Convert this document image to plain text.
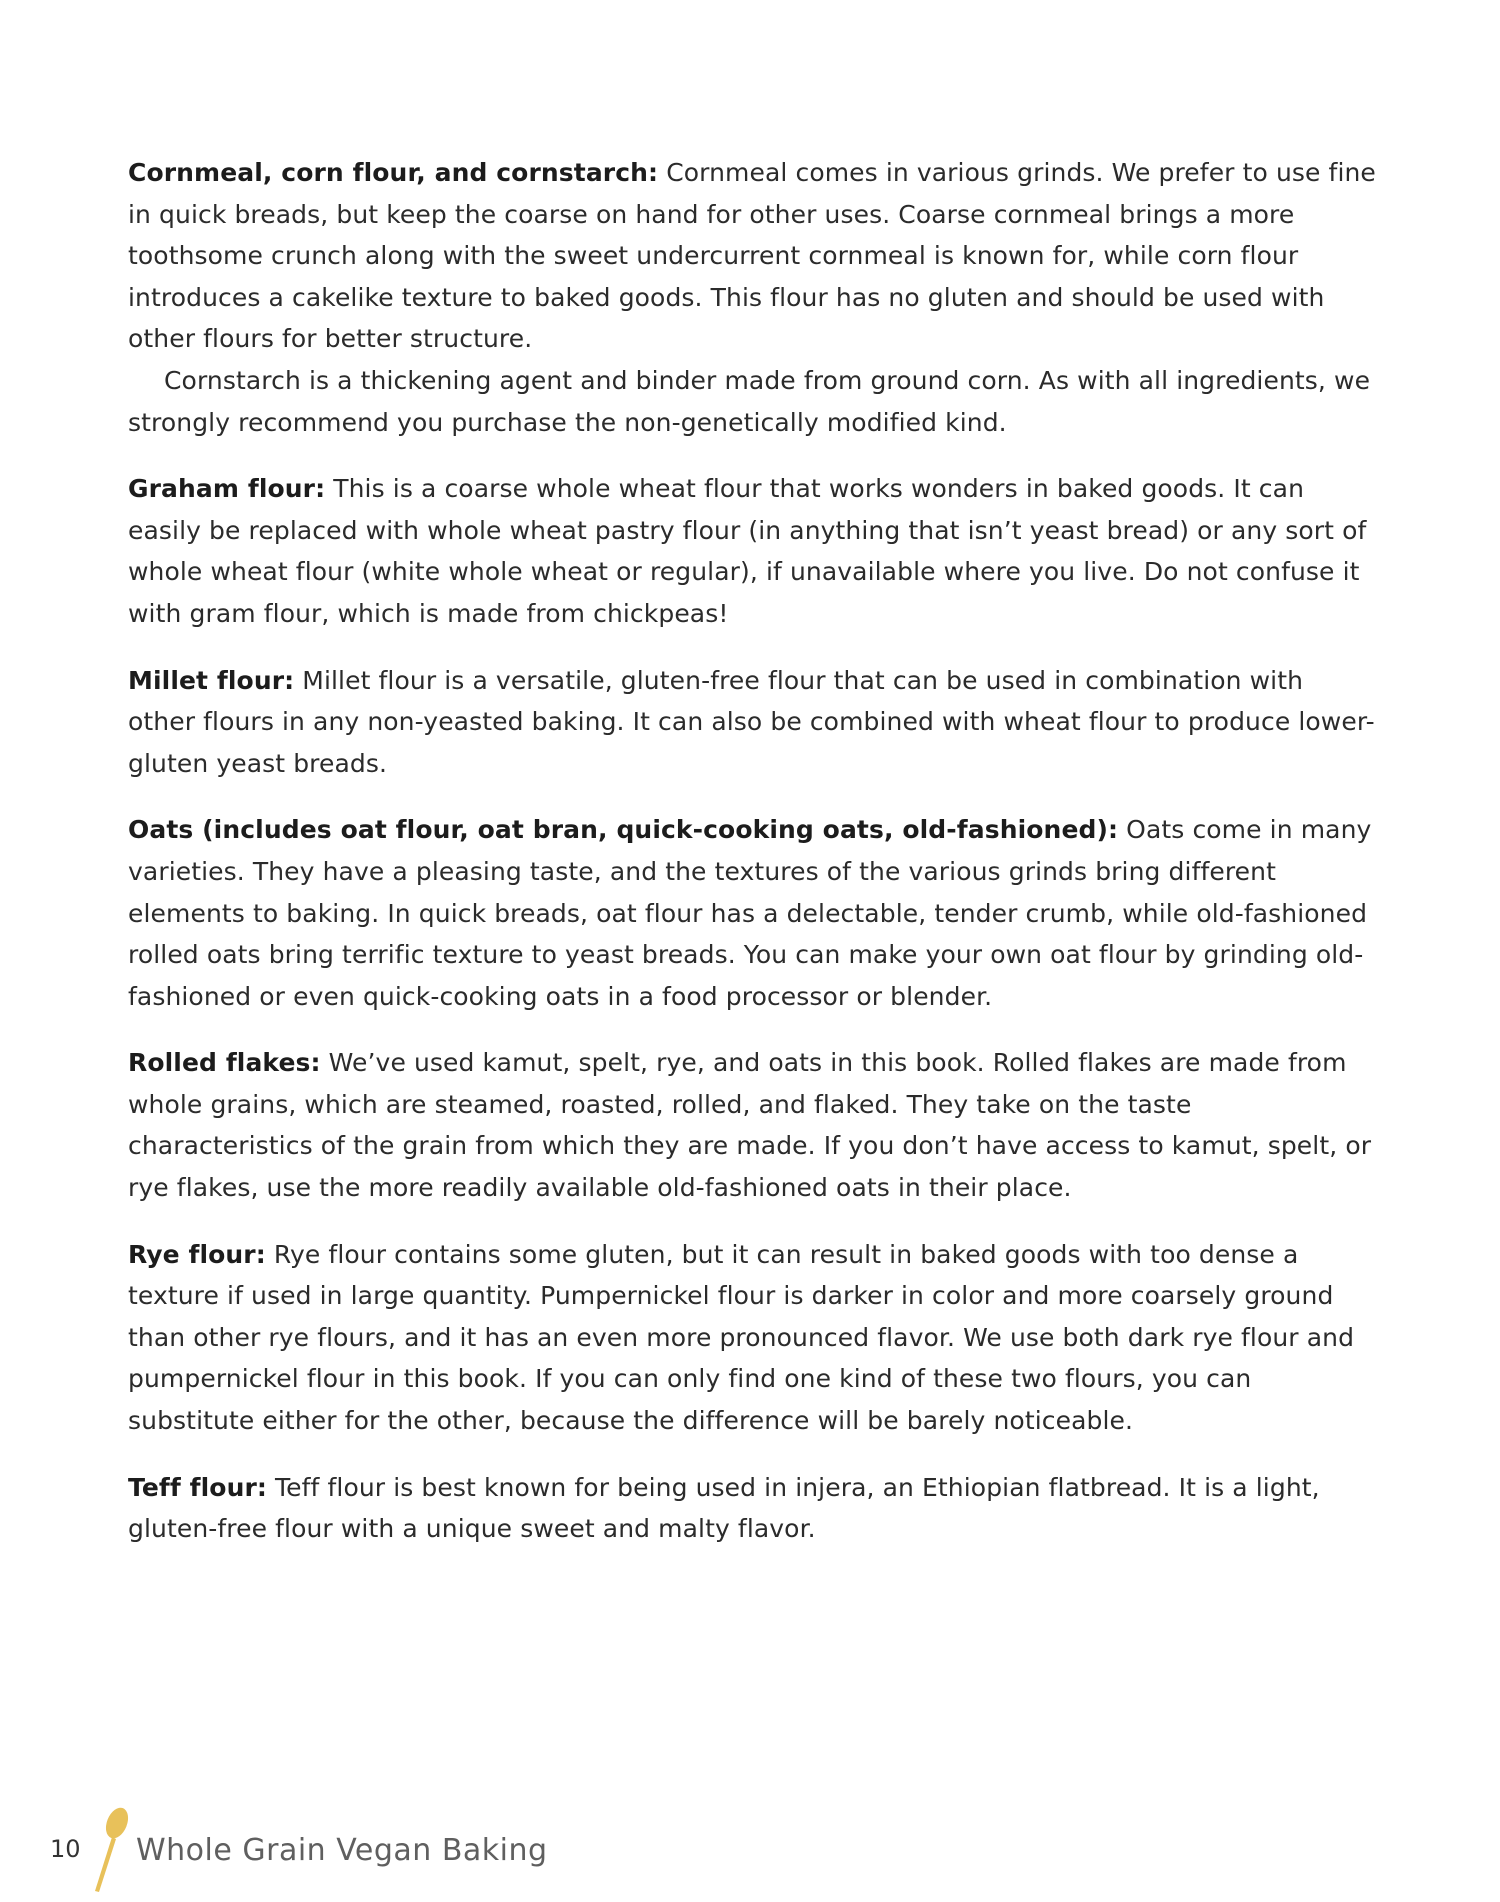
Cornmeal, corn flour, and cornstarch: Cornmeal comes in various grinds. We prefer to use fine in quick breads, but keep the coarse on hand for other uses. Coarse cornmeal brings a more toothsome crunch along with the sweet undercurrent cornmeal is known for, while corn flour introduces a cakelike texture to baked goods. This flour has no gluten and should be used with other flours for better structure.

Cornstarch is a thickening agent and binder made from ground corn. As with all ingredients, we strongly recommend you purchase the non-genetically modified kind.

Graham flour: This is a coarse whole wheat flour that works wonders in baked goods. It can easily be replaced with whole wheat pastry flour (in anything that isn’t yeast bread) or any sort of whole wheat flour (white whole wheat or regular), if unavailable where you live. Do not confuse it with gram flour, which is made from chickpeas!

Millet flour: Millet flour is a versatile, gluten-free flour that can be used in combination with other flours in any non-yeasted baking. It can also be combined with wheat flour to produce lower-gluten yeast breads.

Oats (includes oat flour, oat bran, quick-cooking oats, old-fashioned): Oats come in many varieties. They have a pleasing taste, and the textures of the various grinds bring different elements to baking. In quick breads, oat flour has a delectable, tender crumb, while old-fashioned rolled oats bring terrific texture to yeast breads. You can make your own oat flour by grinding old-fashioned or even quick-cooking oats in a food processor or blender.

Rolled flakes: We’ve used kamut, spelt, rye, and oats in this book. Rolled flakes are made from whole grains, which are steamed, roasted, rolled, and flaked. They take on the taste characteristics of the grain from which they are made. If you don’t have access to kamut, spelt, or rye flakes, use the more readily available old-fashioned oats in their place.

Rye flour: Rye flour contains some gluten, but it can result in baked goods with too dense a texture if used in large quantity. Pumpernickel flour is darker in color and more coarsely ground than other rye flours, and it has an even more pronounced flavor. We use both dark rye flour and pumpernickel flour in this book. If you can only find one kind of these two flours, you can substitute either for the other, because the difference will be barely noticeable.

Teff flour: Teff flour is best known for being used in injera, an Ethiopian flatbread. It is a light, gluten-free flour with a unique sweet and malty flavor.

10 Whole Grain Vegan Baking
